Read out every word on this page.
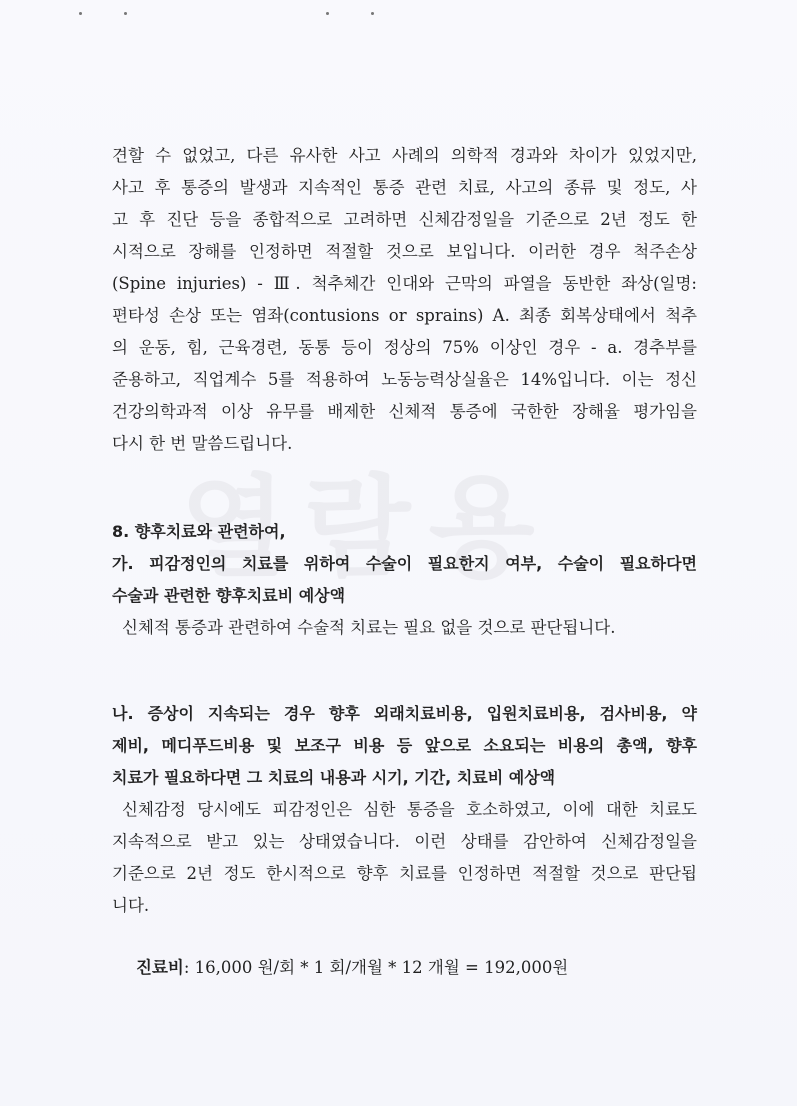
견할 수 없었고, 다른 유사한 사고 사례의 의학적 경과와 차이가 있었지만,
사고 후 통증의 발생과 지속적인 통증 관련 치료, 사고의 종류 및 정도, 사
고 후 진단 등을 종합적으로 고려하면 신체감정일을 기준으로 2년 정도 한
시적으로 장해를 인정하면 적절할 것으로 보입니다. 이러한 경우 척주손상
(Spine injuries) - Ⅲ. 척추체간 인대와 근막의 파열을 동반한 좌상(일명:
편타성 손상 또는 염좌(contusions or sprains) A. 최종 회복상태에서 척추
의 운동, 힘, 근육경련, 동통 등이 정상의 75% 이상인 경우 - a. 경추부를
준용하고, 직업계수 5를 적용하여 노동능력상실율은 14%입니다. 이는 정신
건강의학과적 이상 유무를 배제한 신체적 통증에 국한한 장해율 평가임을
다시 한 번 말씀드립니다.
8. 향후치료와 관련하여,
가. 피감정인의 치료를 위하여 수술이 필요한지 여부, 수술이 필요하다면
수술과 관련한 향후치료비 예상액
신체적 통증과 관련하여 수술적 치료는 필요 없을 것으로 판단됩니다.
나. 증상이 지속되는 경우 향후 외래치료비용, 입원치료비용, 검사비용, 약
제비, 메디푸드비용 및 보조구 비용 등 앞으로 소요되는 비용의 총액, 향후
치료가 필요하다면 그 치료의 내용과 시기, 기간, 치료비 예상액
신체감정 당시에도 피감정인은 심한 통증을 호소하였고, 이에 대한 치료도
지속적으로 받고 있는 상태였습니다. 이런 상태를 감안하여 신체감정일을
기준으로 2년 정도 한시적으로 향후 치료를 인정하면 적절할 것으로 판단됩
니다.
진료비: 16,000 원/회 * 1 회/개월 * 12 개월 = 192,000원
